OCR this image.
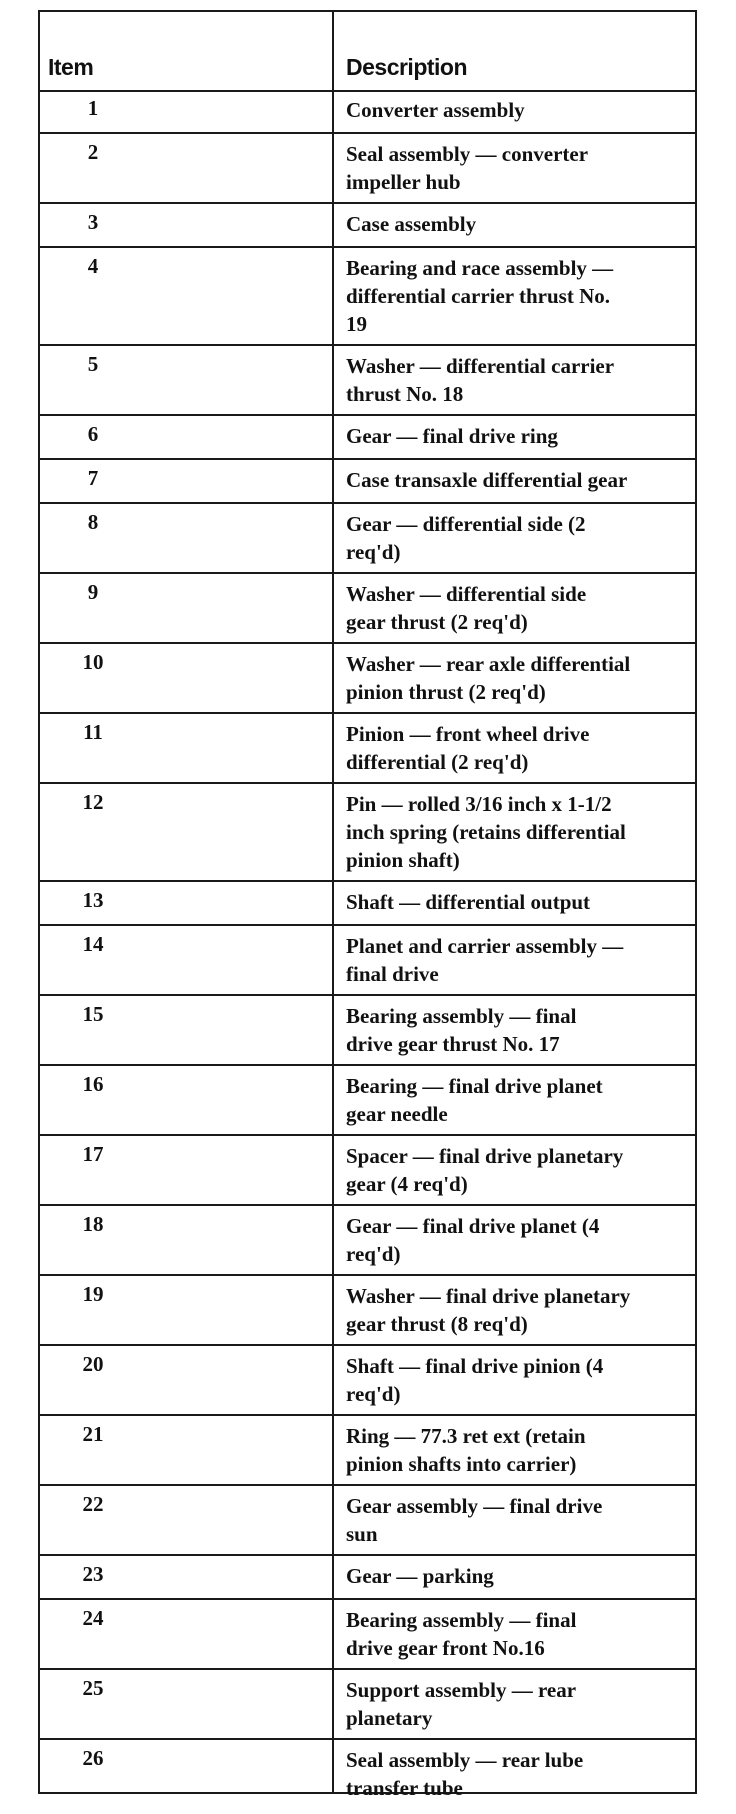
Item	Description
1	Converter assembly
2	Seal assembly — converter
impeller hub
3	Case assembly
4	Bearing and race assembly —
differential carrier thrust No.
19
5	Washer — differential carrier
thrust No. 18
6	Gear — final drive ring
7	Case transaxle differential gear
8	Gear — differential side (2
req'd)
9	Washer — differential side
gear thrust (2 req'd)
10	Washer — rear axle differential
pinion thrust (2 req'd)
11	Pinion — front wheel drive
differential (2 req'd)
12	Pin — rolled 3/16 inch x 1-1/2
inch spring (retains differential
pinion shaft)
13	Shaft — differential output
14	Planet and carrier assembly —
final drive
15	Bearing assembly — final
drive gear thrust No. 17
16	Bearing — final drive planet
gear needle
17	Spacer — final drive planetary
gear (4 req'd)
18	Gear — final drive planet (4
req'd)
19	Washer — final drive planetary
gear thrust (8 req'd)
20	Shaft — final drive pinion (4
req'd)
21	Ring — 77.3 ret ext (retain
pinion shafts into carrier)
22	Gear assembly — final drive
sun
23	Gear — parking
24	Bearing assembly — final
drive gear front No.16
25	Support assembly — rear
planetary
26	Seal assembly — rear lube
transfer tube
